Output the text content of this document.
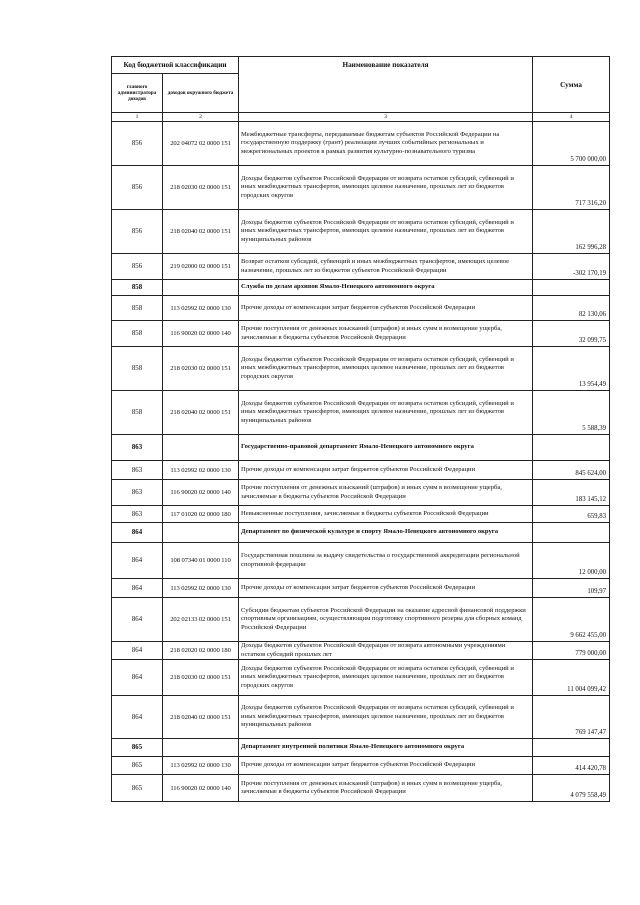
Код бюджетной классификации		Наименование показателя	Сумма
главного администратора доходов	доходов окружного бюджета		
1	2	3	4
856	202 04072 02 0000 151	Межбюджетные трансферты, передаваемые бюджетам субъектов Российской Федерации на государственную поддержку (грант) реализации лучших событийных региональных и межрегиональных проектов в рамках развития культурно-познавательного туризма	5 700 000,00
856	218 02030 02 0000 151	Доходы бюджетов субъектов Российской Федерации от возврата остатков субсидий, субвенций и иных межбюджетных трансфертов, имеющих целевое назначение, прошлых лет из бюджетов городских округов	717 316,20
856	218 02040 02 0000 151	Доходы бюджетов субъектов Российской Федерации от возврата остатков субсидий, субвенций и иных межбюджетных трансфертов, имеющих целевое назначение, прошлых лет из бюджетов муниципальных районов	162 996,28
856	219 02000 02 0000 151	Возврат остатков субсидий, субвенций и иных межбюджетных трансфертов, имеющих целевое назначение, прошлых лет из бюджетов субъектов Российской Федерации	-302 170,19
858		Служба по делам архивов Ямало-Ненецкого автономного округа	
858	113 02992 02 0000 130	Прочие доходы от компенсации затрат бюджетов субъектов Российской Федерации	82 130,06
858	116 90020 02 0000 140	Прочие поступления от денежных взысканий (штрафов) и иных сумм в возмещение ущерба, зачисляемые в бюджеты субъектов Российской Федерации	32 099,75
858	218 02030 02 0000 151	Доходы бюджетов субъектов Российской Федерации от возврата остатков субсидий, субвенций и иных межбюджетных трансфертов, имеющих целевое назначение, прошлых лет из бюджетов городских округов	13 954,49
858	218 02040 02 0000 151	Доходы бюджетов субъектов Российской Федерации от возврата остатков субсидий, субвенций и иных межбюджетных трансфертов, имеющих целевое назначение, прошлых лет из бюджетов муниципальных районов	5 588,39
863		Государственно-правовой департамент Ямало-Ненецкого автономного округа	
863	113 02992 02 0000 130	Прочие доходы от компенсации затрат бюджетов субъектов Российской Федерации	845 624,00
863	116 90020 02 0000 140	Прочие поступления от денежных взысканий (штрафов) и иных сумм в возмещение ущерба, зачисляемые в бюджеты субъектов Российской Федерации	183 145,12
863	117 01020 02 0000 180	Невыясненные поступления, зачисляемые в бюджеты субъектов Российской Федерации	659,83
864		Департамент по физической культуре и спорту Ямало-Ненецкого автономного округа	
864	108 07340 01 0000 110	Государственная пошлина за выдачу свидетельства о государственной аккредитации региональной спортивной федерации	12 000,00
864	113 02992 02 0000 130	Прочие доходы от компенсации затрат бюджетов субъектов Российской Федерации	109,97
864	202 02133 02 0000 151	Субсидии бюджетам субъектов Российской Федерации на оказание адресной финансовой поддержки спортивным организациям, осуществляющим подготовку спортивного резерва для сборных команд Российской Федерации	9 662 455,00
864	218 02020 02 0000 180	Доходы бюджетов субъектов Российской Федерации от возврата автономными учреждениями остатков субсидий прошлых лет	779 000,00
864	218 02030 02 0000 151	Доходы бюджетов субъектов Российской Федерации от возврата остатков субсидий, субвенций и иных межбюджетных трансфертов, имеющих целевое назначение, прошлых лет из бюджетов городских округов	11 004 099,42
864	218 02040 02 0000 151	Доходы бюджетов субъектов Российской Федерации от возврата остатков субсидий, субвенций и иных межбюджетных трансфертов, имеющих целевое назначение, прошлых лет из бюджетов муниципальных районов	769 147,47
865		Департамент внутренней политики Ямало-Ненецкого автономного округа	
865	113 02992 02 0000 130	Прочие доходы от компенсации затрат бюджетов субъектов Российской Федерации	414 420,78
865	116 90020 02 0000 140	Прочие поступления от денежных взысканий (штрафов) и иных сумм в возмещение ущерба, зачисляемые в бюджеты субъектов Российской Федерации	4 079 558,49
